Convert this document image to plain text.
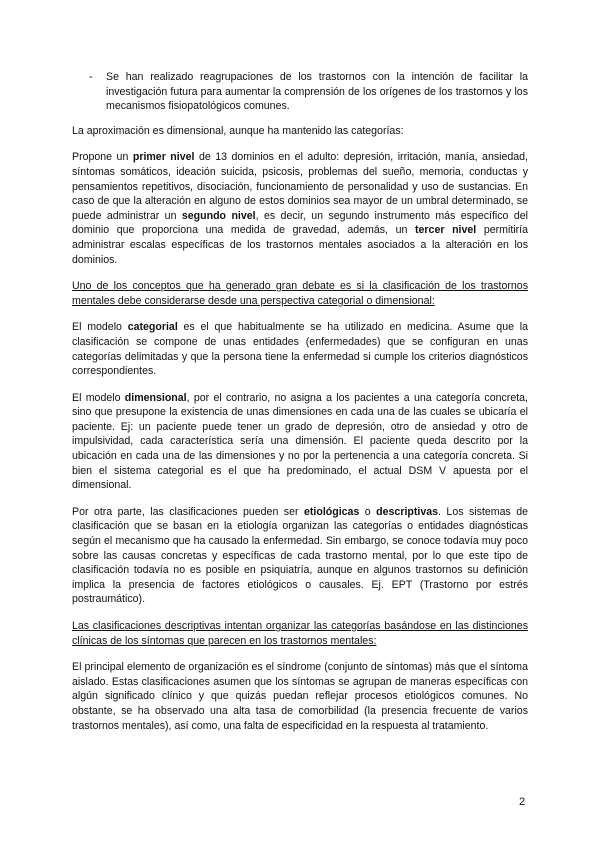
-	Se han realizado reagrupaciones de los trastornos con la intención de facilitar la investigación futura para aumentar la comprensión de los orígenes de los trastornos y los mecanismos fisiopatológicos comunes.

La aproximación es dimensional, aunque ha mantenido las categorías:

Propone un primer nivel de 13 dominios en el adulto: depresión, irritación, manía, ansiedad, síntomas somáticos, ideación suicida, psicosis, problemas del sueño, memoria, conductas y pensamientos repetitivos, disociación, funcionamiento de personalidad y uso de sustancias. En caso de que la alteración en alguno de estos dominios sea mayor de un umbral determinado, se puede administrar un segundo nivel, es decir, un segundo instrumento más específico del dominio que proporciona una medida de gravedad, además, un tercer nivel permitiría administrar escalas específicas de los trastornos mentales asociados a la alteración en los dominios.

Uno de los conceptos que ha generado gran debate es si la clasificación de los trastornos mentales debe considerarse desde una perspectiva categorial o dimensional:

El modelo categorial es el que habitualmente se ha utilizado en medicina. Asume que la clasificación se compone de unas entidades (enfermedades) que se configuran en unas categorías delimitadas y que la persona tiene la enfermedad si cumple los criterios diagnósticos correspondientes.

El modelo dimensional, por el contrario, no asigna a los pacientes a una categoría concreta, sino que presupone la existencia de unas dimensiones en cada una de las cuales se ubicaría el paciente. Ej: un paciente puede tener un grado de depresión, otro de ansiedad y otro de impulsividad, cada característica sería una dimensión. El paciente queda descrito por la ubicación en cada una de las dimensiones y no por la pertenencia a una categoría concreta. Si bien el sistema categorial es el que ha predominado, el actual DSM V apuesta por el dimensional.

Por otra parte, las clasificaciones pueden ser etiológicas o descriptivas. Los sistemas de clasificación que se basan en la etiología organizan las categorías o entidades diagnósticas según el mecanismo que ha causado la enfermedad. Sin embargo, se conoce todavía muy poco sobre las causas concretas y específicas de cada trastorno mental, por lo que este tipo de clasificación todavía no es posible en psiquiatría, aunque en algunos trastornos su definición implica la presencia de factores etiológicos o causales. Ej. EPT (Trastorno por estrés postraumático).

Las clasificaciones descriptivas intentan organizar las categorías basándose en las distinciones clínicas de los síntomas que parecen en los trastornos mentales:

El principal elemento de organización es el síndrome (conjunto de síntomas) más que el síntoma aislado. Estas clasificaciones asumen que los síntomas se agrupan de maneras específicas con algún significado clínico y que quizás puedan reflejar procesos etiológicos comunes. No obstante, se ha observado una alta tasa de comorbilidad (la presencia frecuente de varios trastornos mentales), así como, una falta de especificidad en la respuesta al tratamiento.

2
